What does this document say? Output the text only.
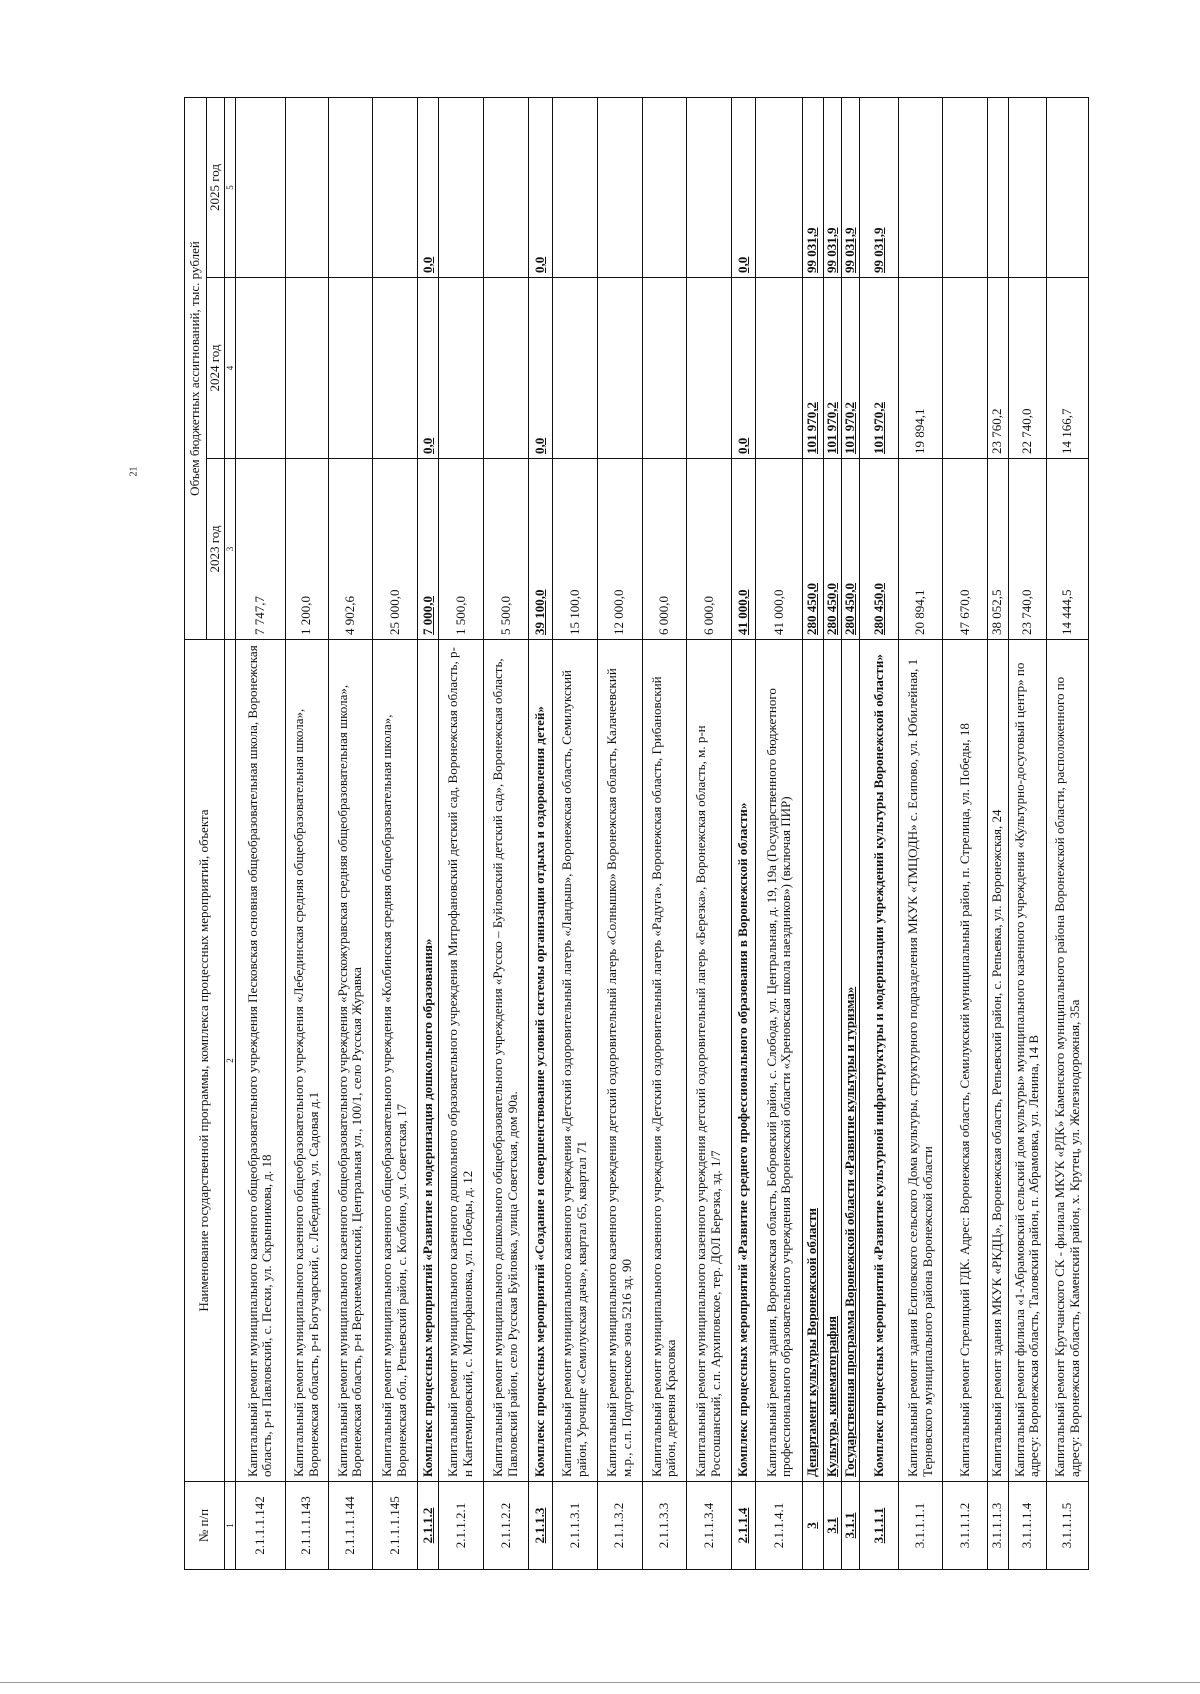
21
№ п/п	Наименование государственной программы, комплекса процессных мероприятий, объекта	Объем бюджетных ассигнований, тыс. рублей		
		2023 год	2024 год	2025 год
1	2	3	4	5
2.1.1.1.142	Капитальный ремонт муниципального казенного общеобразовательного учреждения Песковская основная общеобразовательная школа, Воронежская область, р-н Павловский, с. Пески, ул. Скрынникова, д. 18	7 747,7		
2.1.1.1.143	Капитальный ремонт муниципального казенного общеобразовательного учреждения «Лебединская средняя общеобразовательная школа», Воронежская область, р-н Богучарский, с. Лебединка, ул. Садовая д.1	1 200,0		
2.1.1.1.144	Капитальный ремонт муниципального казенного общеобразовательного учреждения «Русскожуравская средняя общеобразовательная школа», Воронежская область, р-н Верхнемамонский, Центральная ул., 100/1, село Русская Журавка	4 902,6		
2.1.1.1.145	Капитальный ремонт муниципального казенного общеобразовательного учреждения «Колбинская средняя общеобразовательная школа», Воронежская обл., Репьевский район, с. Колбино, ул. Советская, 17	25 000,0		
2.1.1.2	Комплекс процессных мероприятий «Развитие и модернизация дошкольного образования»	7 000,0	0,0	0,0
2.1.1.2.1	Капитальный ремонт муниципального казенного дошкольного образовательного учреждения Митрофановский детский сад, Воронежская область, р-н Кантемировский, с. Митрофановка, ул. Победы, д. 12	1 500,0		
2.1.1.2.2	Капитальный ремонт муниципального дошкольного общеобразовательного учреждения «Русско – Буйловский детский сад», Воронежская область, Павловский район, село Русская Буйловка, улица Советская, дом 90а.	5 500,0		
2.1.1.3	Комплекс процессных мероприятий «Создание и совершенствование условий системы организации отдыха и оздоровления детей»	39 100,0	0,0	0,0
2.1.1.3.1	Капитальный ремонт муниципального казенного учреждения «Детский оздоровительный лагерь «Ландыш», Воронежская область, Семилукский район, Урочище «Семилукская дача», квартал 65, квартал 71	15 100,0		
2.1.1.3.2	Капитальный ремонт муниципального казенного учреждения детский оздоровительный лагерь «Солнышко» Воронежская область, Калачеевский м.р., с.п. Подгоренское зона 5216 зд. 90	12 000,0		
2.1.1.3.3	Капитальный ремонт муниципального казенного учреждения «Детский оздоровительный лагерь «Радуга», Воронежская область, Грибановский район, деревня Красовка	6 000,0		
2.1.1.3.4	Капитальный ремонт муниципального казенного учреждения детский оздоровительный лагерь «Березка», Воронежская область, м. р-н Россошанский, с.п. Архиповское, тер. ДОЛ Березка, зд. 1/7	6 000,0		
2.1.1.4	Комплекс процессных мероприятий «Развитие среднего профессионального образования в Воронежской области»	41 000,0	0,0	0,0
2.1.1.4.1	Капитальный ремонт здания, Воронежская область, Бобровский район, с. Слобода, ул. Центральная, д. 19, 19а (Государственного бюджетного профессионального образовательного учреждения Воронежской области «Хреновская школа наездников») (включая ПИР)	41 000,0		
3	Департамент культуры Воронежской области	280 450,0	101 970,2	99 031,9
3.1	Культура, кинематография	280 450,0	101 970,2	99 031,9
3.1.1	Государственная программа Воронежской области «Развитие культуры и туризма»	280 450,0	101 970,2	99 031,9
3.1.1.1	Комплекс процессных мероприятий «Развитие культурной инфраструктуры и модернизации учреждений культуры Воронежской области»	280 450,0	101 970,2	99 031,9
3.1.1.1.1	Капитальный ремонт здания Есиповского сельского Дома культуры, структурного подразделения МКУК «ТМЦОДН» с. Есипово, ул. Юбилейная, 1 Терновского муниципального района Воронежской области	20 894,1	19 894,1	
3.1.1.1.2	Капитальный ремонт Стрелицкий ГДК. Адрес: Воронежская область, Семилукский муниципальный район, п. Стрелица, ул. Победы, 18	47 670,0		
3.1.1.1.3	Капитальный ремонт здания МКУК «РКДЦ», Воронежская область, Репьевский район, с. Репьевка, ул. Воронежская, 24	38 052,5	23 760,2	
3.1.1.1.4	Капитальный ремонт филиала «1-Абрамовский сельский дом культуры» муниципального казенного учреждения «Культурно-досуговый центр» по адресу: Воронежская область, Таловский район, п. Абрамовка, ул. Ленина, 14 В	23 740,0	22 740,0	
3.1.1.1.5	Капитальный ремонт Крутчанского СК - филиала МКУК «РДК» Каменского муниципального района Воронежской области, расположенного по адресу: Воронежская область, Каменский район, х. Крутец, ул. Железнодорожная, 35а	14 444,5	14 166,7	
